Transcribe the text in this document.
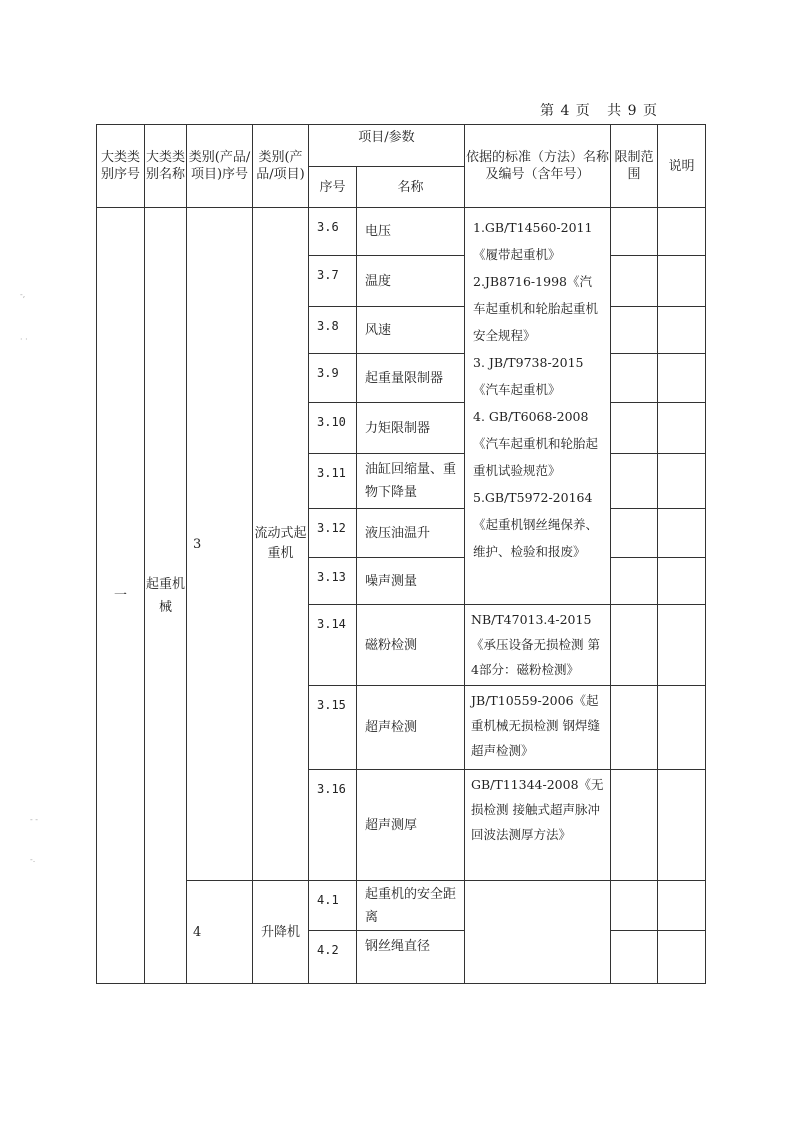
第 4 页   共 9 页
大类类别序号	大类类别名称	类别(产品/项目)序号	类别(产品/项目)	项目/参数		依据的标准（方法）名称及编号（含年号）	限制范围	说明
				序号	名称			
一	起重机械	3	流动式起重机	3.6	电压	1.GB/T14560-2011《履带起重机》
2.JB8716-1998《汽车起重机和轮胎起重机安全规程》
3. JB/T9738-2015《汽车起重机》
4. GB/T6068-2008《汽车起重机和轮胎起重机试验规范》
5.GB/T5972-20164《起重机钢丝绳保养、维护、检验和报废》		

				3.7	温度			
				3.8	风速			
				3.9	起重量限制器			
				3.10	力矩限制器			
				3.11	油缸回缩量、重物下降量			
				3.12	液压油温升			
				3.13	噪声测量			
				3.14	磁粉检测	NB/T47013.4-2015《承压设备无损检测 第4部分：磁粉检测》		
				3.15	超声检测	JB/T10559-2006《起重机械无损检测 钢焊缝超声检测》		
				3.16	超声测厚	GB/T11344-2008《无损检测 接触式超声脉冲回波法测厚方法》		
		4	升降机	4.1	起重机的安全距离			
				4.2	钢丝绳直径			
-,
· ·
- -
-.
